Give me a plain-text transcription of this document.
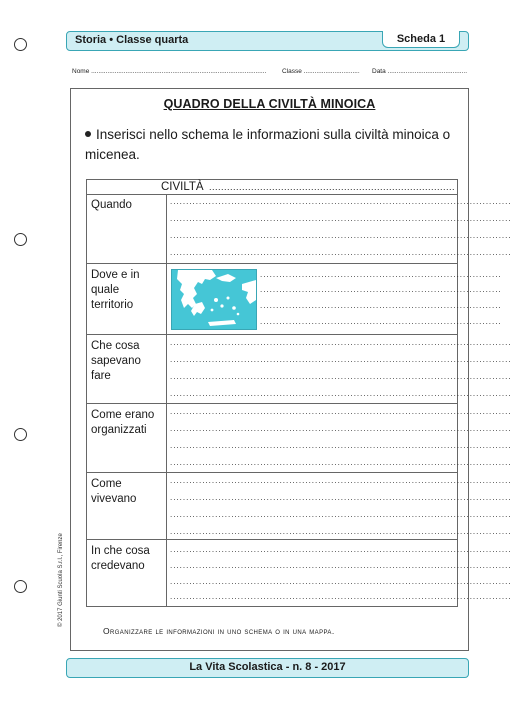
Storia • Classe quarta	Scheda 1
Nome ................................................................................................. Classe ............................... Data ............................................
QUADRO DELLA CIVILTÀ MINOICA
Inserisci nello schema le informazioni sulla civiltà minoica o micenea.
CIVILTÀ ..................................................................................
Quando	..........................................................................................................
..........................................................................................................
..........................................................................................................
..........................................................................................................
Dove e in quale territorio
...........................................................................
...........................................................................
...........................................................................
...........................................................................
Che cosa sapevano fare
..........................................................................................................
..........................................................................................................
..........................................................................................................
..........................................................................................................
Come erano organizzati
..........................................................................................................
..........................................................................................................
..........................................................................................................
..........................................................................................................
Come vivevano
..........................................................................................................
..........................................................................................................
..........................................................................................................
..........................................................................................................
In che cosa credevano
..........................................................................................................
..........................................................................................................
..........................................................................................................
..........................................................................................................
Organizzare le informazioni in uno schema o in una mappa.
© 2017 Giunti Scuola S.r.l., Firenze
La Vita Scolastica - n. 8 - 2017
